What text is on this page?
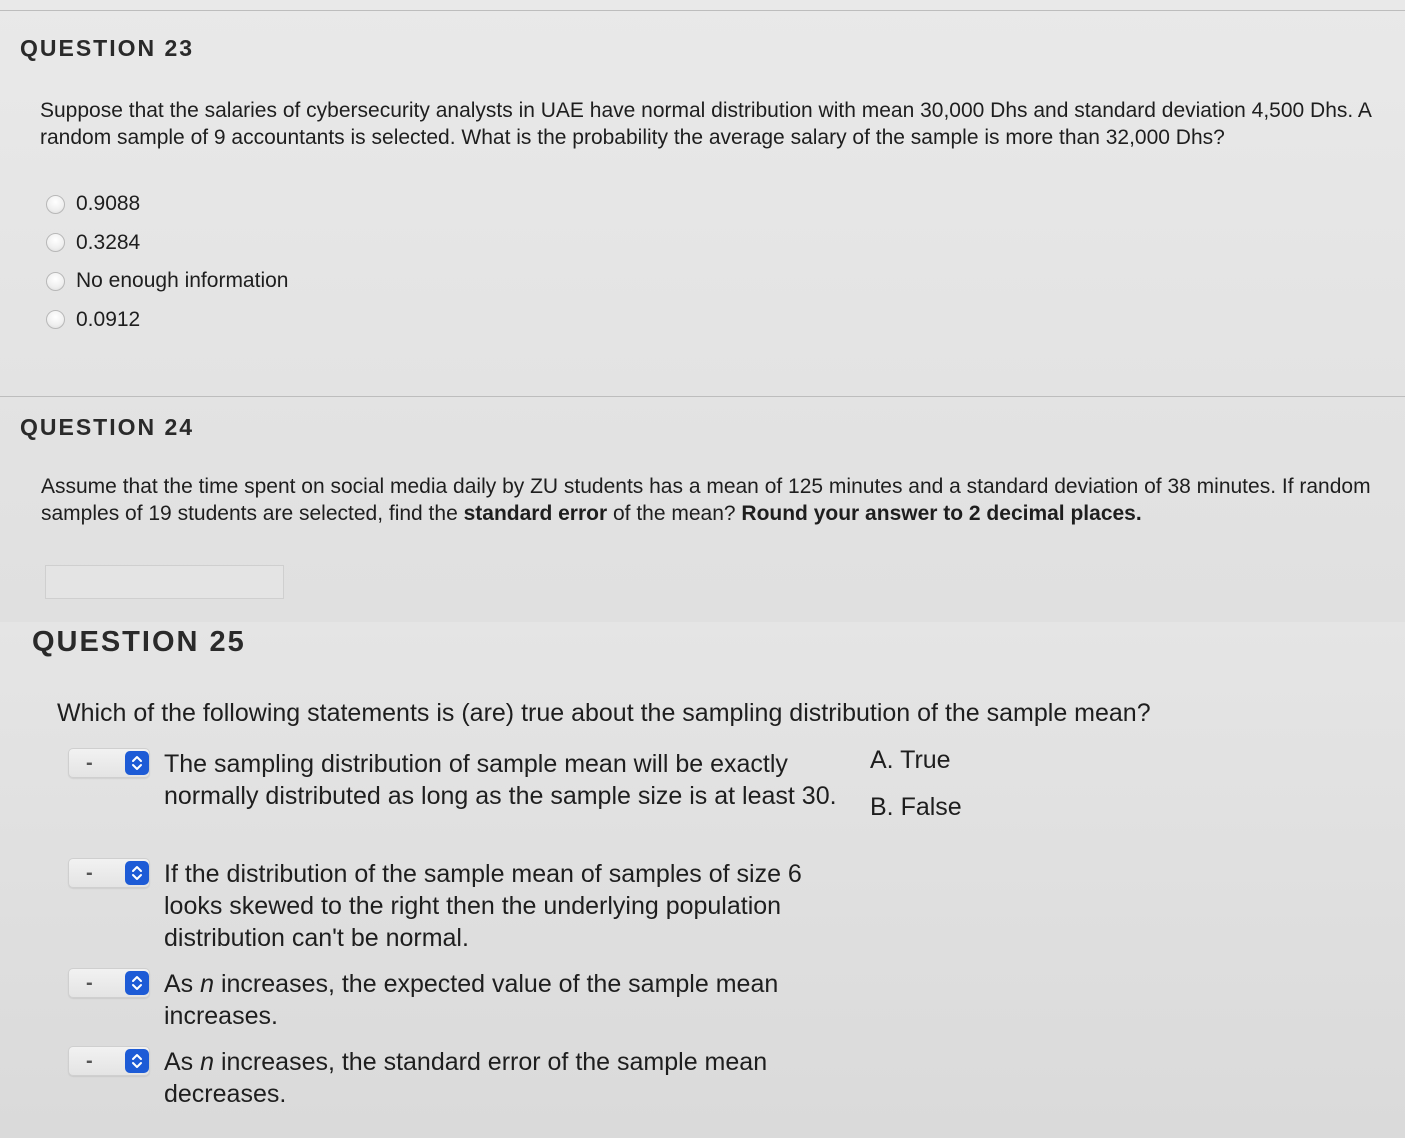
QUESTION 23
Suppose that the salaries of cybersecurity analysts in UAE have normal distribution with mean 30,000 Dhs and standard deviation 4,500 Dhs. A random sample of 9 accountants is selected. What is the probability the average salary of the sample is more than 32,000 Dhs?
0.9088
0.3284
No enough information
0.0912
QUESTION 24
Assume that the time spent on social media daily by ZU students has a mean of 125 minutes and a standard deviation of 38 minutes. If random samples of 19 students are selected, find the standard error of the mean? Round your answer to 2 decimal places.
QUESTION 25
Which of the following statements is (are) true about the sampling distribution of the sample mean?
-	The sampling distribution of sample mean will be exactly normally distributed as long as the sample size is at least 30.
-	If the distribution of the sample mean of samples of size 6 looks skewed to the right then the underlying population distribution can't be normal.
-	As n increases, the expected value of the sample mean increases.
-	As n increases, the standard error of the sample mean decreases.
A. True
B. False
